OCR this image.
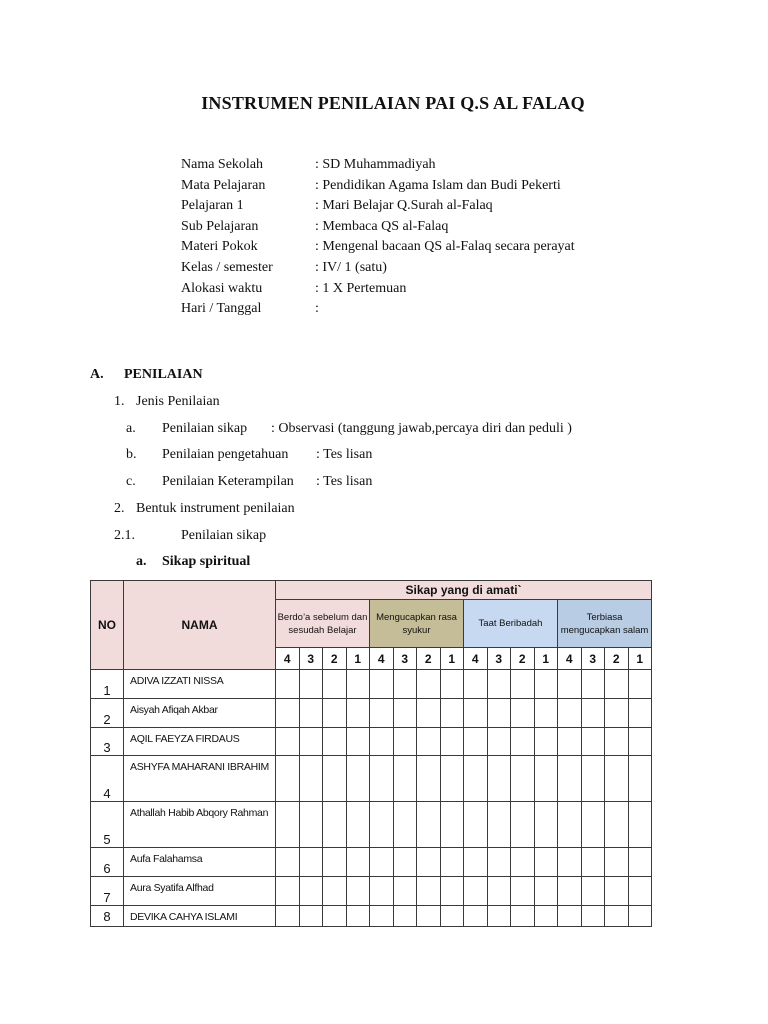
INSTRUMEN PENILAIAN PAI Q.S AL FALAQ
Nama Sekolah	: SD Muhammadiyah
Mata Pelajaran	: Pendidikan Agama Islam dan Budi Pekerti
Pelajaran 1	: Mari Belajar Q.Surah al-Falaq
Sub Pelajaran	: Membaca QS al-Falaq
Materi Pokok	: Mengenal bacaan QS al-Falaq secara perayat
Kelas / semester	: IV/ 1 (satu)
Alokasi waktu	: 1 X Pertemuan
Hari / Tanggal	:
A. PENILAIAN
1. Jenis Penilaian
a. Penilaian sikap : Observasi (tanggung jawab,percaya diri dan peduli )
b. Penilaian pengetahuan : Tes lisan
c. Penilaian Keterampilan : Tes lisan
2. Bentuk instrument penilaian
2.1.	Penilaian sikap
a. Sikap spiritual
NO	NAMA	Sikap yang di amati`															
		Berdo’a sebelum dan sesudah Belajar				Mengucapkan rasa syukur				Taat Beribadah				Terbiasa mengucapkan salam			
		4	3	2	1	4	3	2	1	4	3	2	1	4	3	2	1
1	ADIVA IZZATI NISSA																
2	Aisyah Afiqah Akbar																
3	AQIL FAEYZA FIRDAUS																
4	ASHYFA MAHARANI IBRAHIM																
5	Athallah Habib Abqory Rahman																
6	Aufa Falahamsa																
7	Aura Syatifa Alfhad																
8	DEVIKA CAHYA ISLAMI																
